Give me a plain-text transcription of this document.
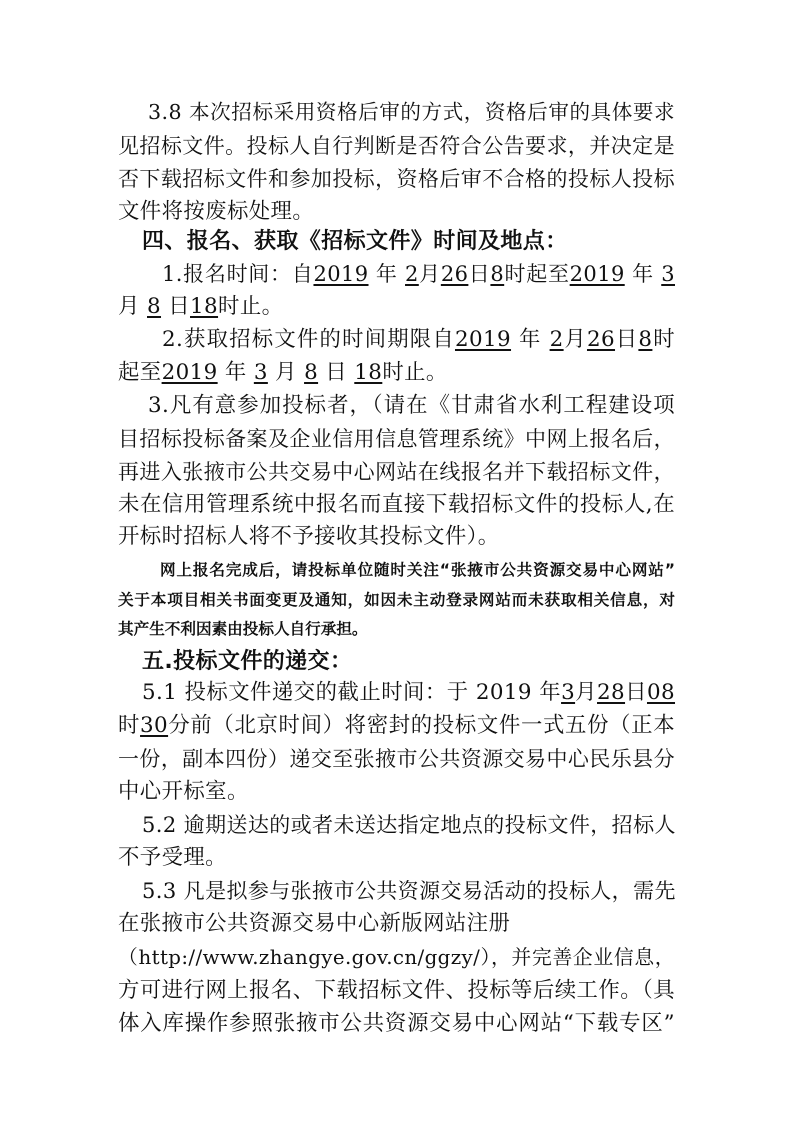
3.8 本次招标采用资格后审的方式，资格后审的具体要求
见招标文件。投标人自行判断是否符合公告要求，并决定是
否下载招标文件和参加投标，资格后审不合格的投标人投标
文件将按废标处理。
四、报名、获取《招标文件》时间及地点：
1.报名时间：自2019 年 2月26日8时起至2019 年 3
月 8 日18时止。
2.获取招标文件的时间期限自2019 年 2月26日8时
起至2019 年 3 月 8 日 18时止。
3.凡有意参加投标者，（请在《甘肃省水利工程建设项
目招标投标备案及企业信用信息管理系统》中网上报名后，
再进入张掖市公共交易中心网站在线报名并下载招标文件，
未在信用管理系统中报名而直接下载招标文件的投标人,在
开标时招标人将不予接收其投标文件）。
网上报名完成后，请投标单位随时关注“张掖市公共资源交易中心网站”
关于本项目相关书面变更及通知，如因未主动登录网站而未获取相关信息，对
其产生不利因素由投标人自行承担。
五.投标文件的递交：
5.1 投标文件递交的截止时间：于 2019 年3月28日08
时30分前（北京时间）将密封的投标文件一式五份（正本
一份，副本四份）递交至张掖市公共资源交易中心民乐县分
中心开标室。
5.2 逾期送达的或者未送达指定地点的投标文件，招标人
不予受理。
5.3 凡是拟参与张掖市公共资源交易活动的投标人，需先
在张掖市公共资源交易中心新版网站注册
（http://www.zhangye.gov.cn/ggzy/），并完善企业信息，
方可进行网上报名、下载招标文件、投标等后续工作。（具
体入库操作参照张掖市公共资源交易中心网站“下载专区”
